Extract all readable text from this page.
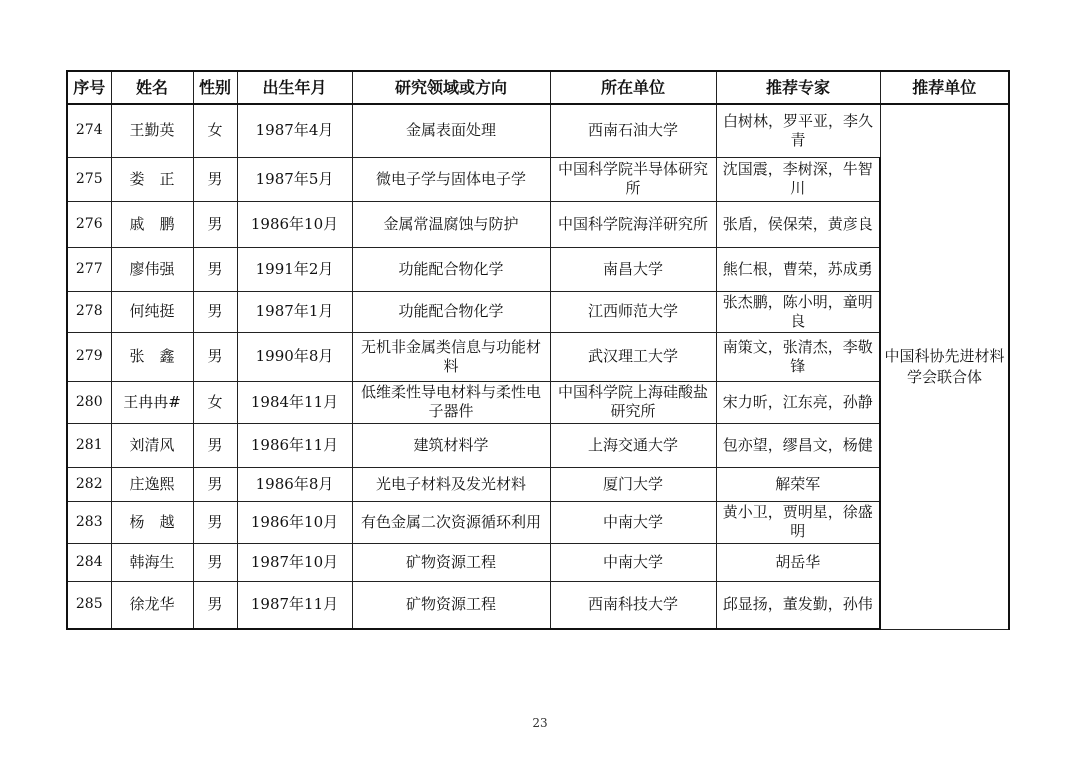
序号	姓名	性别	出生年月	研究领域或方向	所在单位	推荐专家	推荐单位
274	王勤英	女	1987年4月	金属表面处理	西南石油大学	白树林，罗平亚，李久青	中国科协先进材料学会联合体
275	娄　正	男	1987年5月	微电子学与固体电子学	中国科学院半导体研究所	沈国震，李树深，牛智川	
276	戚　鹏	男	1986年10月	金属常温腐蚀与防护	中国科学院海洋研究所	张盾，侯保荣，黄彦良	
277	廖伟强	男	1991年2月	功能配合物化学	南昌大学	熊仁根，曹荣，苏成勇	
278	何纯挺	男	1987年1月	功能配合物化学	江西师范大学	张杰鹏，陈小明，童明良	
279	张　鑫	男	1990年8月	无机非金属类信息与功能材料	武汉理工大学	南策文，张清杰，李敬锋	
280	王冉冉#	女	1984年11月	低维柔性导电材料与柔性电子器件	中国科学院上海硅酸盐研究所	宋力昕，江东亮，孙静	
281	刘清风	男	1986年11月	建筑材料学	上海交通大学	包亦望，缪昌文，杨健	
282	庄逸熙	男	1986年8月	光电子材料及发光材料	厦门大学	解荣军	
283	杨　越	男	1986年10月	有色金属二次资源循环利用	中南大学	黄小卫，贾明星，徐盛明	
284	韩海生	男	1987年10月	矿物资源工程	中南大学	胡岳华	
285	徐龙华	男	1987年11月	矿物资源工程	西南科技大学	邱显扬，董发勤，孙伟	
23
